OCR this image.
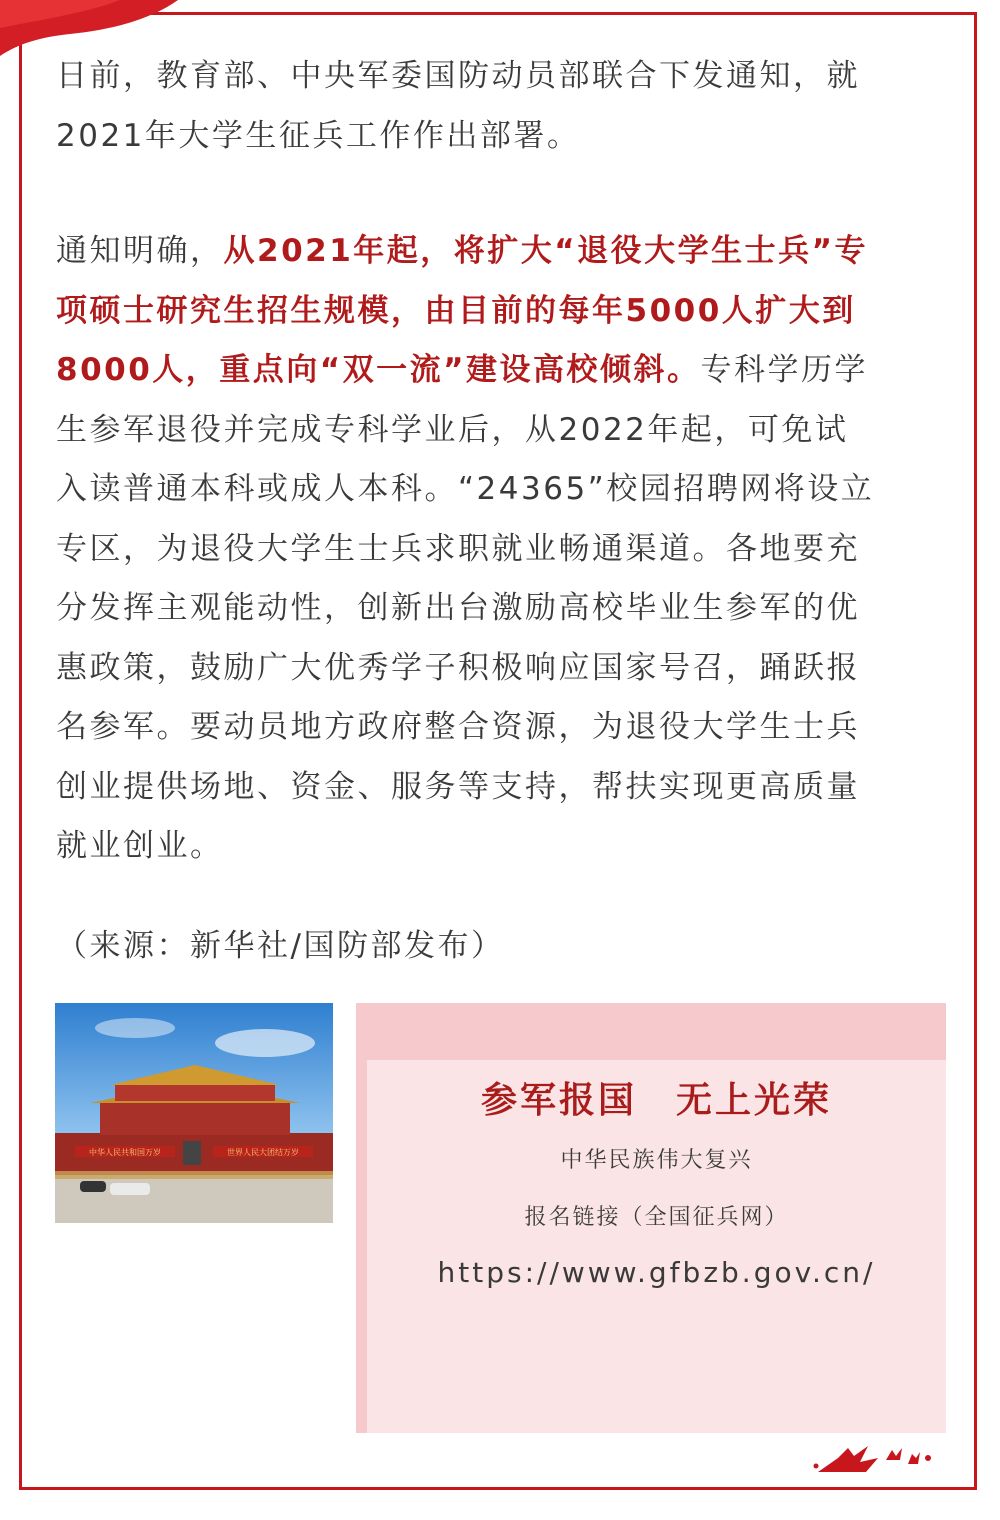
日前，教育部、中央军委国防动员部联合下发通知，就
2021年大学生征兵工作作出部署。
通知明确，从2021年起，将扩大“退役大学生士兵”专
项硕士研究生招生规模，由目前的每年5000人扩大到
8000人，重点向“双一流”建设高校倾斜。专科学历学
生参军退役并完成专科学业后，从2022年起，可免试
入读普通本科或成人本科。“24365”校园招聘网将设立
专区，为退役大学生士兵求职就业畅通渠道。各地要充
分发挥主观能动性，创新出台激励高校毕业生参军的优
惠政策，鼓励广大优秀学子积极响应国家号召，踊跃报
名参军。要动员地方政府整合资源，为退役大学生士兵
创业提供场地、资金、服务等支持，帮扶实现更高质量
就业创业。
（来源：新华社/国防部发布）
中华人民共和国万岁	世界人民大团结万岁
参军报国　无上光荣
中华民族伟大复兴
报名链接（全国征兵网）
https://www.gfbzb.gov.cn/
